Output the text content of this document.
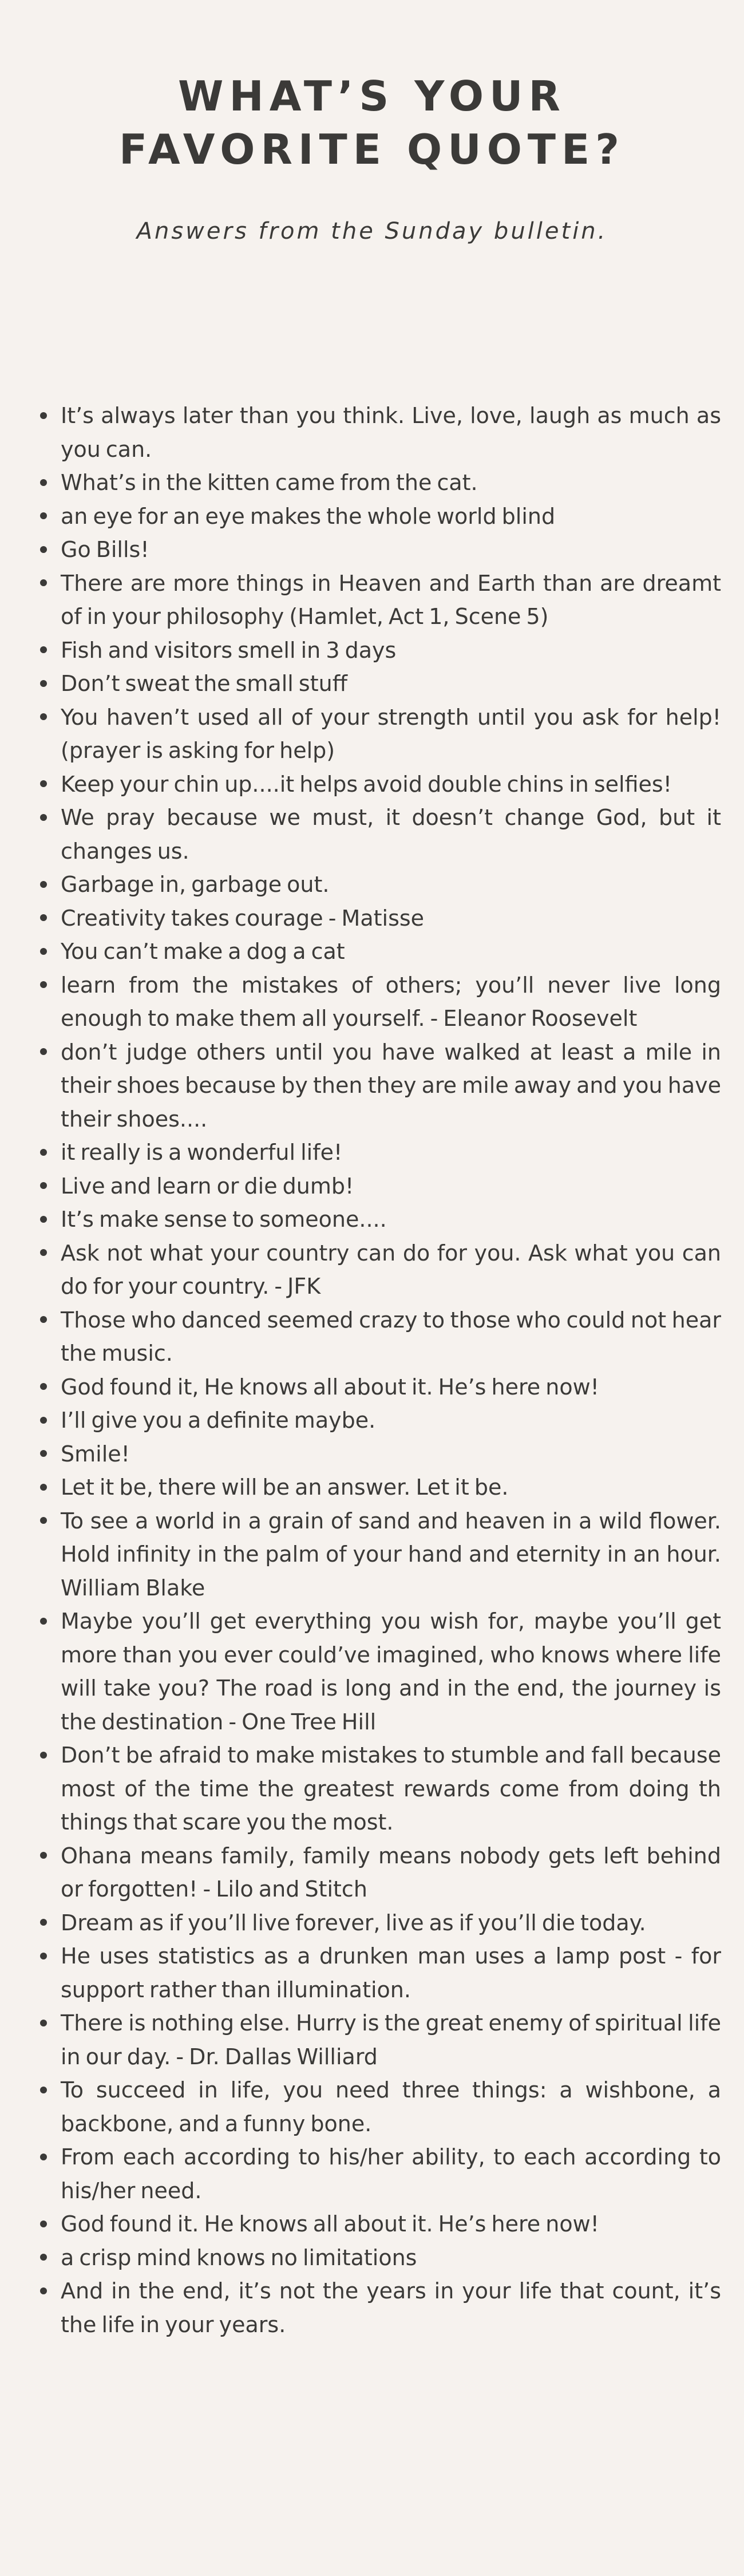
WHAT’S YOUR
FAVORITE QUOTE?

Answers from the Sunday bulletin.

It’s always later than you think. Live, love, laugh as much as you can.
What’s in the kitten came from the cat.
an eye for an eye makes the whole world blind
Go Bills!
There are more things in Heaven and Earth than are dreamt of in your philosophy (Hamlet, Act 1, Scene 5)
Fish and visitors smell in 3 days
Don’t sweat the small stuff
You haven’t used all of your strength until you ask for help! (prayer is asking for help)
Keep your chin up....it helps avoid double chins in selfies!
We pray because we must, it doesn’t change God, but it changes us.
Garbage in, garbage out.
Creativity takes courage - Matisse
You can’t make a dog a cat
learn from the mistakes of others; you’ll never live long enough to make them all yourself. - Eleanor Roosevelt
don’t judge others until you have walked at least a mile in their shoes because by then they are mile away and you have their shoes....
it really is a wonderful life!
Live and learn or die dumb!
It’s make sense to someone....
Ask not what your country can do for you. Ask what you can do for your country. - JFK
Those who danced seemed crazy to those who could not hear the music.
God found it, He knows all about it. He’s here now!
I’ll give you a definite maybe.
Smile!
Let it be, there will be an answer. Let it be.
To see a world in a grain of sand and heaven in a wild flower. Hold infinity in the palm of your hand and eternity in an hour. William Blake
Maybe you’ll get everything you wish for, maybe you’ll get more than you ever could’ve imagined, who knows where life will take you? The road is long and in the end, the journey is the destination - One Tree Hill
Don’t be afraid to make mistakes to stumble and fall because most of the time the greatest rewards come from doing th things that scare you the most.
Ohana means family, family means nobody gets left behind or forgotten! - Lilo and Stitch
Dream as if you’ll live forever, live as if you’ll die today.
He uses statistics as a drunken man uses a lamp post - for support rather than illumination.
There is nothing else. Hurry is the great enemy of spiritual life in our day. - Dr. Dallas Williard
To succeed in life, you need three things: a wishbone, a backbone, and a funny bone.
From each according to his/her ability, to each according to his/her need.
God found it. He knows all about it. He’s here now!
a crisp mind knows no limitations
And in the end, it’s not the years in your life that count, it’s the life in your years.
